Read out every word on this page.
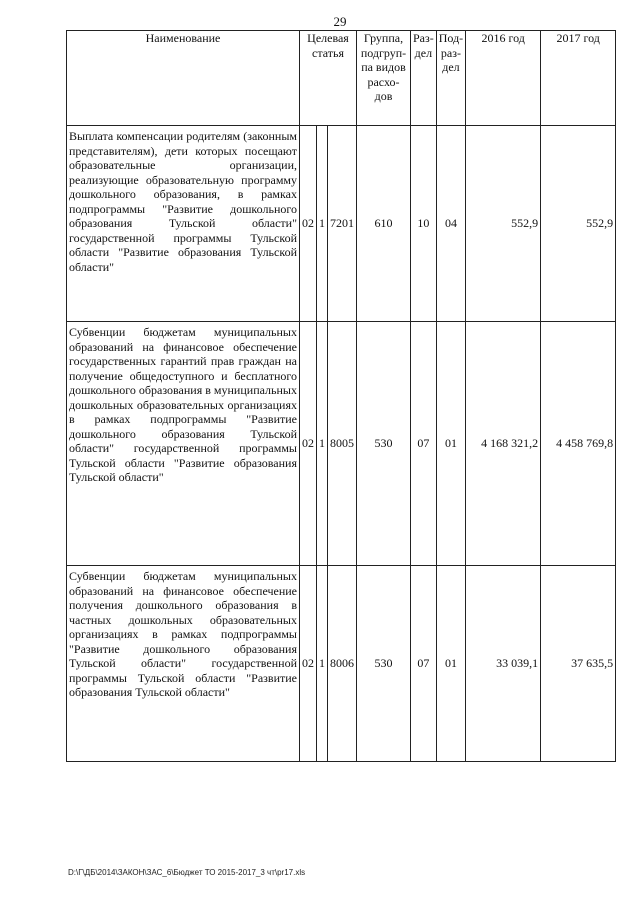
29
Наименование	Целевая статья			Группа, подгруп-па видов расхо-дов	Раз-дел	Под-раз-дел	2016 год	2017 год
Выплата компенсации родителям (законным представителям), дети которых посещают образовательные организации, реализующие образовательную программу дошкольного образования, в рамках подпрограммы "Развитие дошкольного образования Тульской области" государственной программы Тульской области "Развитие образования Тульской области"	02	1	7201	610	10	04	552,9	552,9
Субвенции бюджетам муниципальных образований на финансовое обеспечение государственных гарантий прав граждан на получение общедоступного и бесплатного дошкольного образования в муниципальных дошкольных образовательных организациях в рамках подпрограммы "Развитие дошкольного образования Тульской области" государственной программы Тульской области "Развитие образования Тульской области"	02	1	8005	530	07	01	4 168 321,2	4 458 769,8
Субвенции бюджетам муниципальных образований на финансовое обеспечение получения дошкольного образования в частных дошкольных образовательных организациях в рамках подпрограммы "Развитие дошкольного образования Тульской области" государственной программы Тульской области "Развитие образования Тульской области"	02	1	8006	530	07	01	33 039,1	37 635,5
D:\Г\ДБ\2014\ЗАКОН\ЗАС_6\Бюджет ТО 2015-2017_3 чт\pr17.xls
